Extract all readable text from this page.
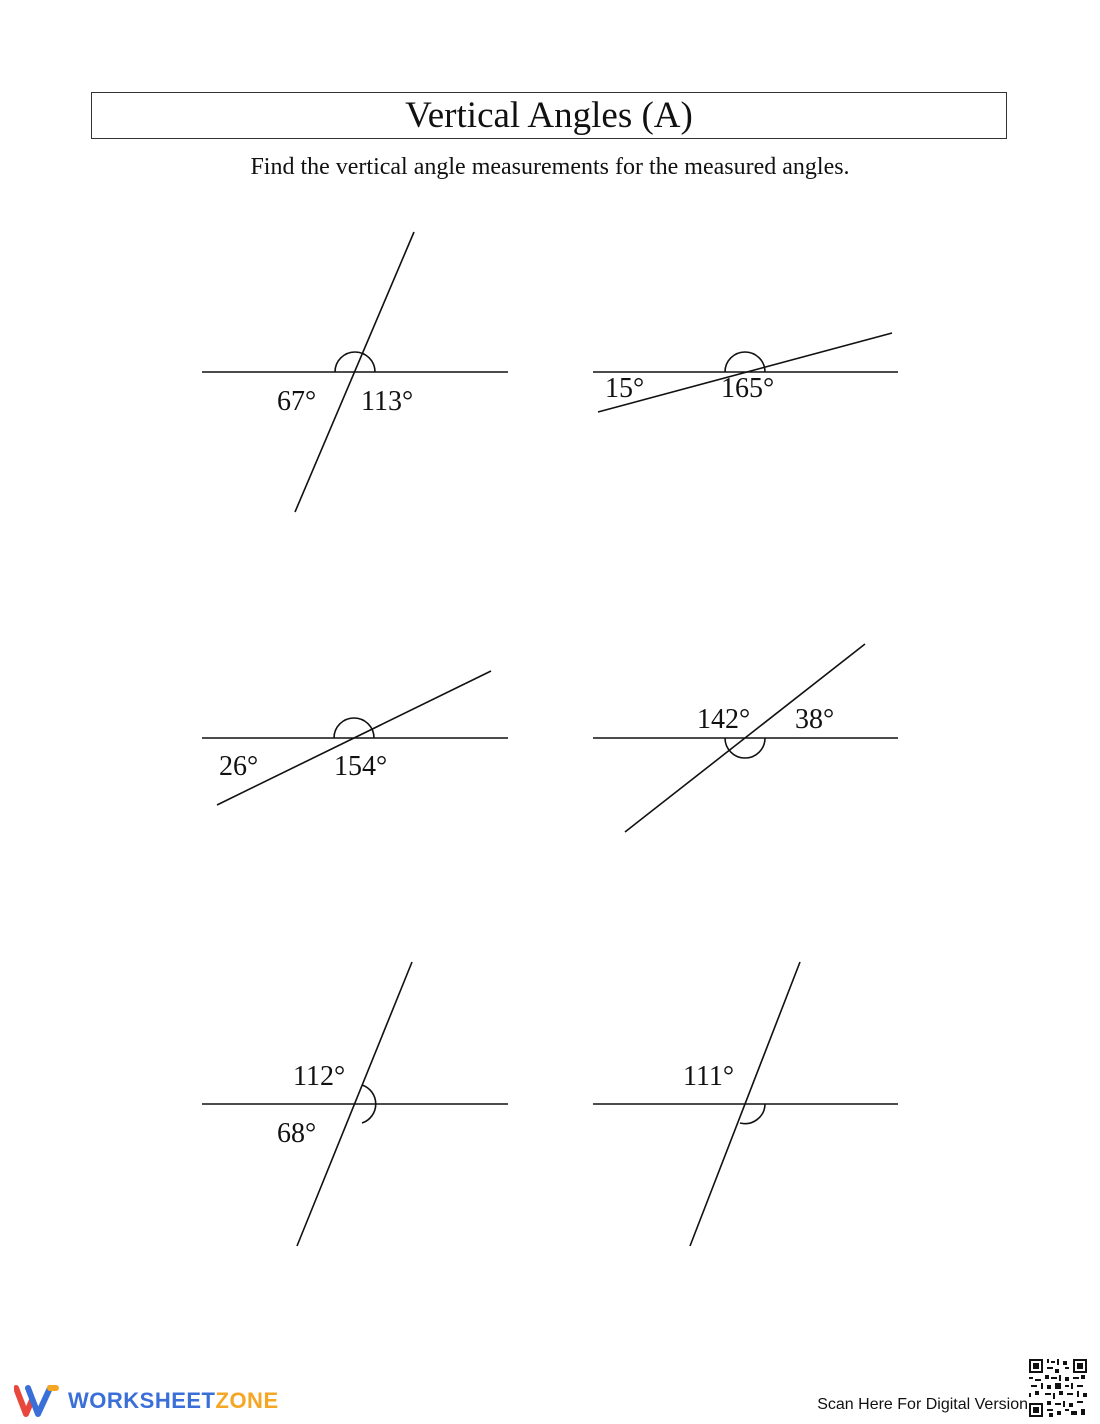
Vertical Angles (A)
Find the vertical angle measurements for the measured angles.
67° 113°	15°	165°
26°	154°
142° 38°
112°
68°
111°
WORKSHEETZONE	Scan Here For Digital Version
